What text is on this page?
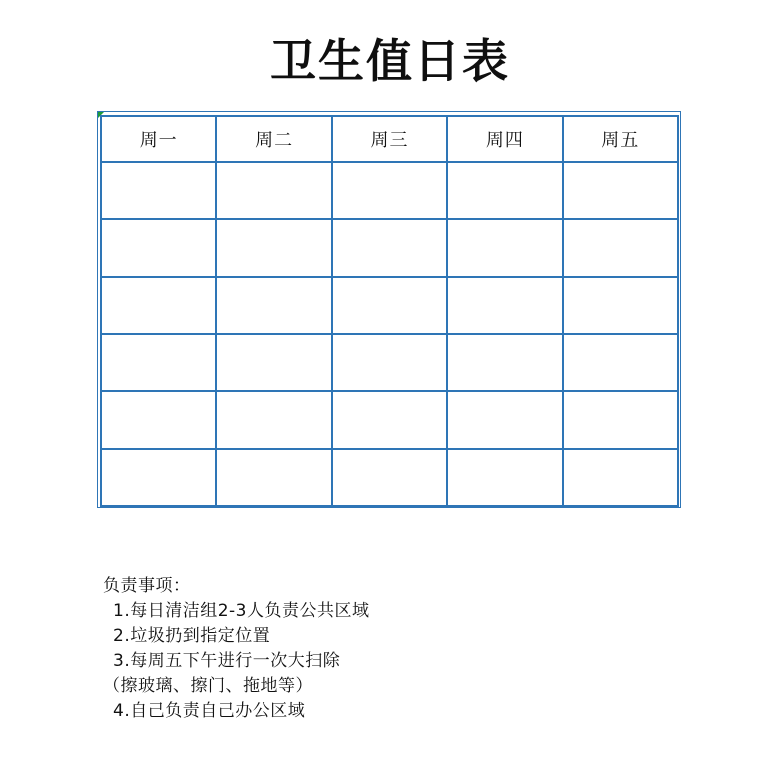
卫生值日表
周一	周二	周三	周四	周五

负责事项：
1.每日清洁组2-3人负责公共区域
2.垃圾扔到指定位置
3.每周五下午进行一次大扫除
（擦玻璃、擦门、拖地等）
4.自己负责自己办公区域
